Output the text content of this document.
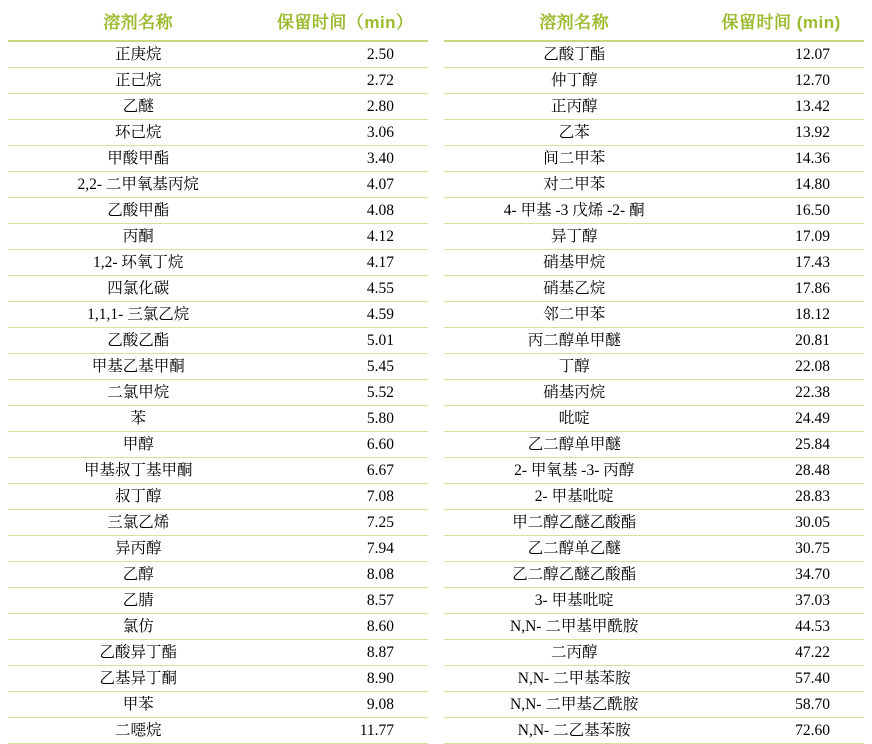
溶剂名称	保留时间（min）
正庚烷	2.50
正己烷	2.72
乙醚	2.80
环己烷	3.06
甲酸甲酯	3.40
2,2- 二甲氧基丙烷	4.07
乙酸甲酯	4.08
丙酮	4.12
1,2- 环氧丁烷	4.17
四氯化碳	4.55
1,1,1- 三氯乙烷	4.59
乙酸乙酯	5.01
甲基乙基甲酮	5.45
二氯甲烷	5.52
苯	5.80
甲醇	6.60
甲基叔丁基甲酮	6.67
叔丁醇	7.08
三氯乙烯	7.25
异丙醇	7.94
乙醇	8.08
乙腈	8.57
氯仿	8.60
乙酸异丁酯	8.87
乙基异丁酮	8.90
甲苯	9.08
二噁烷	11.77
溶剂名称	保留时间 (min)
乙酸丁酯	12.07
仲丁醇	12.70
正丙醇	13.42
乙苯	13.92
间二甲苯	14.36
对二甲苯	14.80
4- 甲基 -3 戊烯 -2- 酮	16.50
异丁醇	17.09
硝基甲烷	17.43
硝基乙烷	17.86
邻二甲苯	18.12
丙二醇单甲醚	20.81
丁醇	22.08
硝基丙烷	22.38
吡啶	24.49
乙二醇单甲醚	25.84
2- 甲氧基 -3- 丙醇	28.48
2- 甲基吡啶	28.83
甲二醇乙醚乙酸酯	30.05
乙二醇单乙醚	30.75
乙二醇乙醚乙酸酯	34.70
3- 甲基吡啶	37.03
N,N- 二甲基甲酰胺	44.53
二丙醇	47.22
N,N- 二甲基苯胺	57.40
N,N- 二甲基乙酰胺	58.70
N,N- 二乙基苯胺	72.60
